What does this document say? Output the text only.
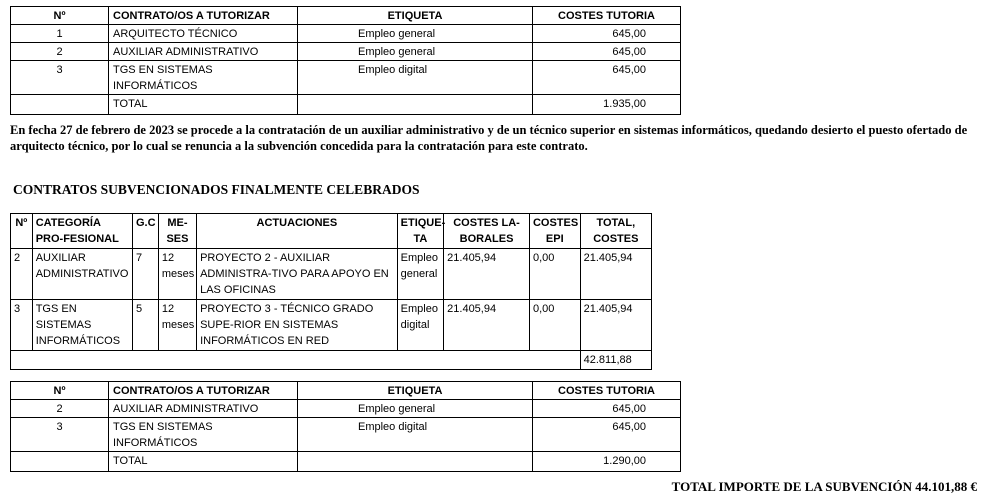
Nº	CONTRATO/OS A TUTORIZAR	ETIQUETA	COSTES TUTORIA
1	ARQUITECTO TÉCNICO	Empleo general	645,00
2	AUXILIAR ADMINISTRATIVO	Empleo general	645,00
3	TGS EN SISTEMAS INFORMÁTICOS	Empleo digital	645,00
	TOTAL		1.935,00

En fecha 27 de febrero de 2023 se procede a la contratación de un auxiliar administrativo y de un técnico superior en sistemas informáticos, quedando desierto el puesto ofertado de arquitecto técnico, por lo cual se renuncia a la subvención concedida para la contratación para este contrato.

CONTRATOS SUBVENCIONADOS FINALMENTE CELEBRADOS

Nº	CATEGORÍA PRO-FESIONAL	G.C	ME-SES	ACTUACIONES	ETIQUE-TA	COSTES LA-BORALES	COSTES EPI	TOTAL, COSTES
2	AUXILIAR ADMINISTRATIVO	7	12 meses	PROYECTO 2 - AUXILIAR ADMINISTRA-TIVO PARA APOYO EN LAS OFICINAS	Empleo general	21.405,94	0,00	21.405,94
3	TGS EN SISTEMAS INFORMÁTICOS	5	12 meses	PROYECTO 3 - TÉCNICO GRADO SUPE-RIOR EN SISTEMAS INFORMÁTICOS EN RED	Empleo digital	21.405,94	0,00	21.405,94
								42.811,88
Nº	CONTRATO/OS A TUTORIZAR	ETIQUETA	COSTES TUTORIA
2	AUXILIAR ADMINISTRATIVO	Empleo general	645,00
3	TGS EN SISTEMAS INFORMÁTICOS	Empleo digital	645,00
	TOTAL		1.290,00

TOTAL IMPORTE DE LA SUBVENCIÓN 44.101,88 €
